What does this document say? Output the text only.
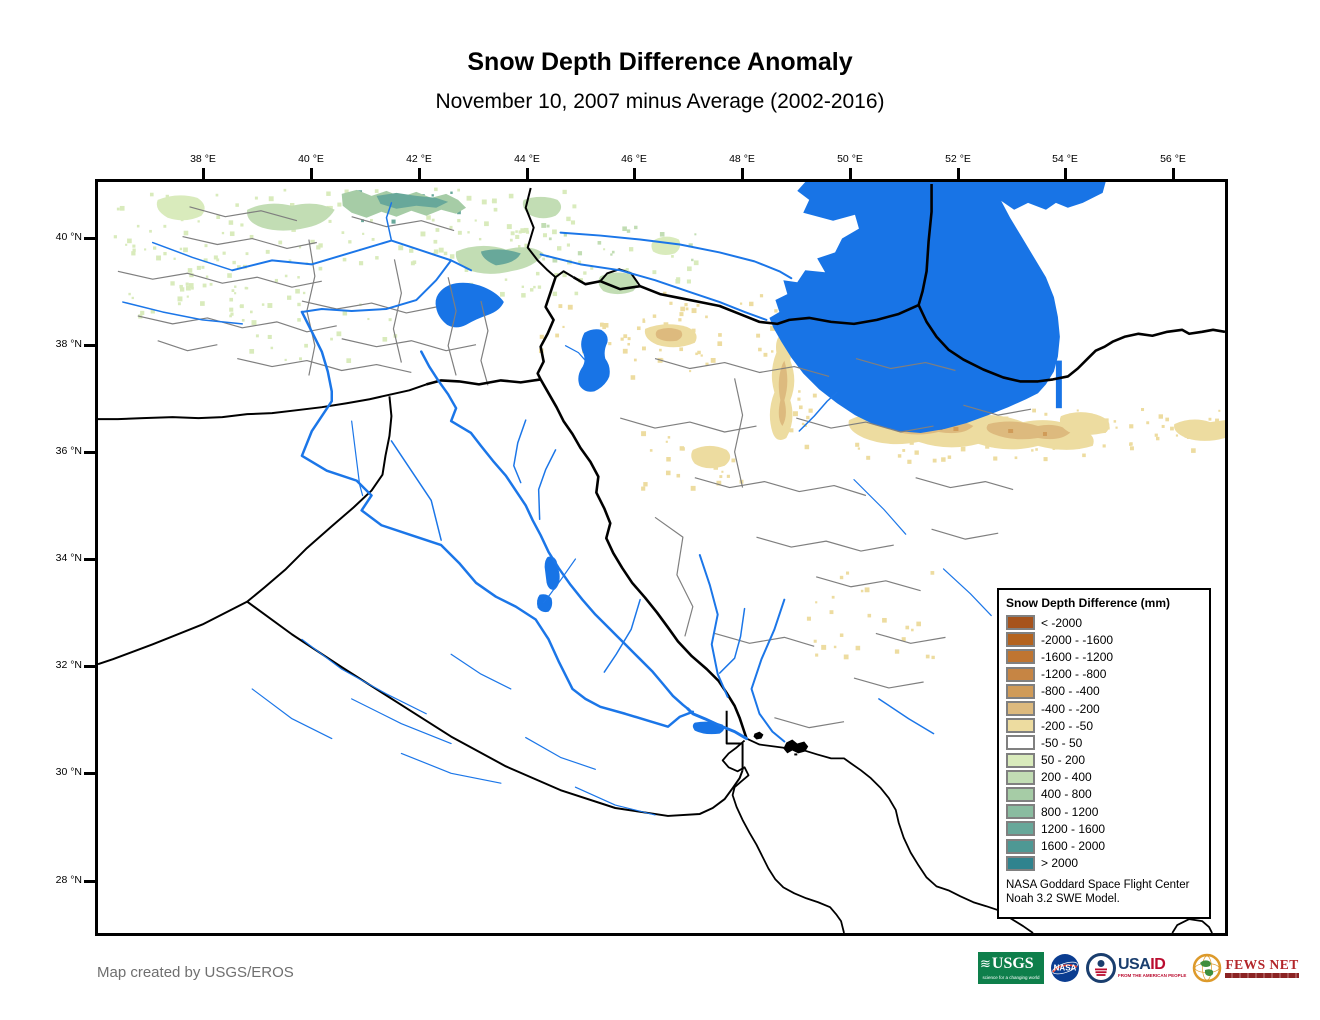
Snow Depth Difference Anomaly
November 10, 2007 minus Average (2002-2016)
38 °E	40 °E	42 °E	44 °E	46 °E	48 °E	50 °E	52 °E	54 °E	56 °E
40 °N
38 °N
36 °N
34 °N
32 °N
30 °N
28 °N
Snow Depth Difference (mm)
< -2000
-2000 - -1600
-1600 - -1200
-1200 - -800
-800 - -400
-400 - -200
-200 - -50
-50 - 50
50 - 200
200 - 400
400 - 800
800 - 1200
1200 - 1600
1600 - 2000
> 2000
NASA Goddard Space Flight Center
Noah 3.2 SWE Model.
Map created by USGS/EROS
≋ USGS
science for a changing world
NASA	USAID
FROM THE AMERICAN PEOPLE
FEWS NET
